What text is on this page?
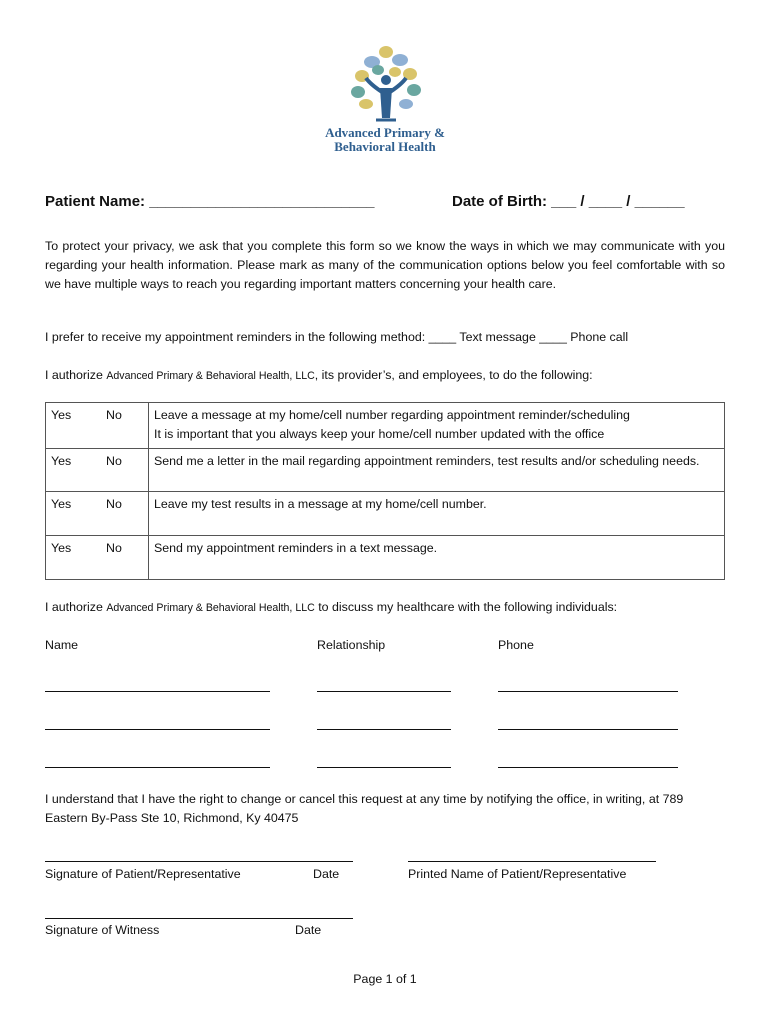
Advanced Primary &
Behavioral Health
Patient Name: ___________________________	Date of Birth: ___ / ____ / ______
To protect your privacy, we ask that you complete this form so we know the ways in which we may communicate with you regarding your health information. Please mark as many of the communication options below you feel comfortable with so we have multiple ways to reach you regarding important matters concerning your health care.
I prefer to receive my appointment reminders in the following method: ____ Text message ____ Phone call
I authorize Advanced Primary & Behavioral Health, LLC, its provider’s, and employees, to do the following:
Yes No	Leave a message at my home/cell number regarding appointment reminder/scheduling
It is important that you always keep your home/cell number updated with the office

Yes No	Send me a letter in the mail regarding appointment reminders, test results and/or scheduling needs.
Yes No	Leave my test results in a message at my home/cell number.
Yes No	Send my appointment reminders in a text message.
I authorize Advanced Primary & Behavioral Health, LLC to discuss my healthcare with the following individuals:
Name	Relationship	Phone
I understand that I have the right to change or cancel this request at any time by notifying the office, in writing, at 789 Eastern By-Pass Ste 10, Richmond, Ky 40475
Signature of Patient/Representative	Date	Printed Name of Patient/Representative
Signature of Witness	Date
Page 1 of 1
